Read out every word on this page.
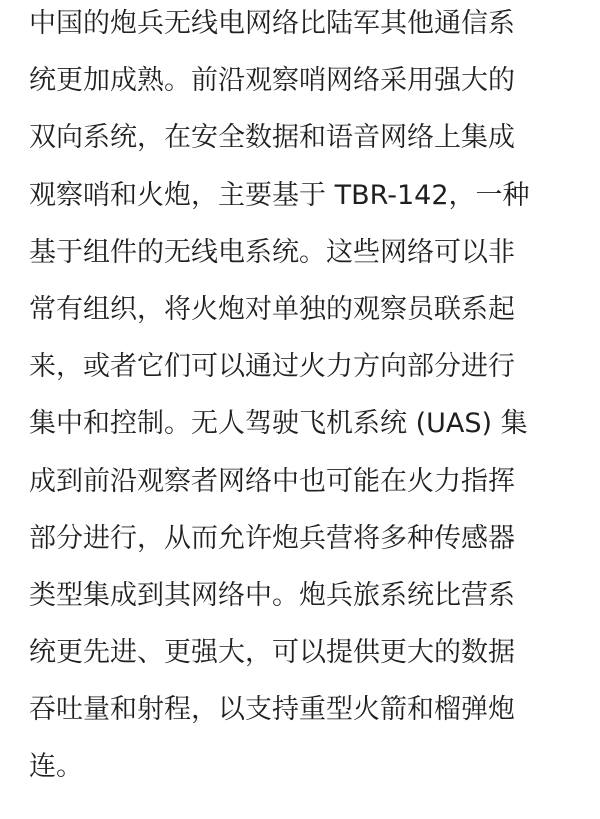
中国的炮兵无线电网络比陆军其他通信系
统更加成熟。前沿观察哨网络采用强大的
双向系统，在安全数据和语音网络上集成
观察哨和火炮，主要基于 TBR-142，一种
基于组件的无线电系统。这些网络可以非
常有组织，将火炮对单独的观察员联系起
来，或者它们可以通过火力方向部分进行
集中和控制。无人驾驶飞机系统 (UAS) 集
成到前沿观察者网络中也可能在火力指挥
部分进行，从而允许炮兵营将多种传感器
类型集成到其网络中。炮兵旅系统比营系
统更先进、更强大，可以提供更大的数据
吞吐量和射程，以支持重型火箭和榴弹炮
连。
